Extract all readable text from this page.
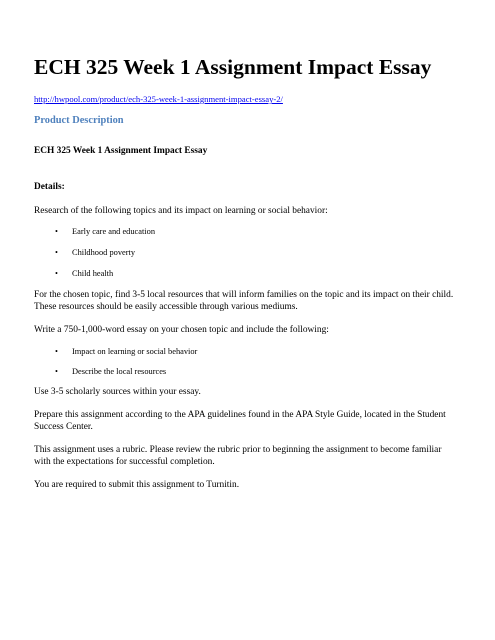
ECH 325 Week 1 Assignment Impact Essay
http://hwpool.com/product/ech-325-week-1-assignment-impact-essay-2/
Product Description

ECH 325 Week 1 Assignment Impact Essay

Details:

Research of the following topics and its impact on learning or social behavior:

• Early care and education
• Childhood poverty
• Child health

For the chosen topic, find 3-5 local resources that will inform families on the topic and its impact on their child. These resources should be easily accessible through various mediums.

Write a 750-1,000-word essay on your chosen topic and include the following:

• Impact on learning or social behavior
• Describe the local resources

Use 3-5 scholarly sources within your essay.

Prepare this assignment according to the APA guidelines found in the APA Style Guide, located in the Student Success Center.

This assignment uses a rubric. Please review the rubric prior to beginning the assignment to become familiar with the expectations for successful completion.

You are required to submit this assignment to Turnitin.
